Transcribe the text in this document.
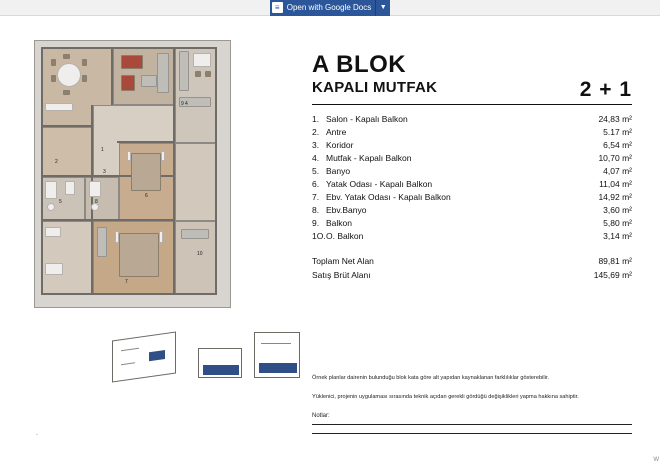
≡ Open with Google Docs	▼
1
2
3
4
5
6
7
8
9
10
A BLOK
KAPALI MUTFAK	2 + 1
1. Salon - Kapalı Balkon	24,83 m²
2. Antre	5.17 m²
3. Koridor	6,54 m²
4. Mutfak - Kapalı Balkon	10,70 m²
5. Banyo	4,07 m²
6. Yatak Odası - Kapalı Balkon	11,04 m²
7. Ebv. Yatak Odası - Kapalı Balkon	14,92 m²
8. Ebv.Banyo	3,60 m²
9. Balkon	5,80 m²
1O. O. Balkon	3,14 m²
Toplam Net Alan	89,81 m²
Satış Brüt Alanı	145,69 m²

Örnek planlar dairenin bulunduğu blok kata göre alt yapıdan kaynaklanan farklılıklar gösterebilir.

Yüklenici, projenin uygulaması sırasında teknik açıdan gerekli gördüğü değişiklikleri yapma hakkına sahiptir.

Notlar:
.
W
